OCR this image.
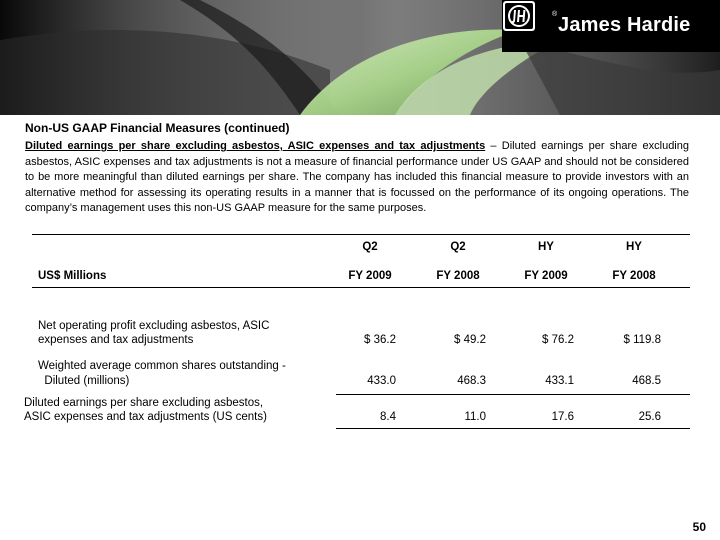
® James Hardie
Non-US GAAP Financial Measures (continued)
Diluted earnings per share excluding asbestos, ASIC expenses and tax adjustments – Diluted earnings per share excluding asbestos, ASIC expenses and tax adjustments is not a measure of financial performance under US GAAP and should not be considered to be more meaningful than diluted earnings per share. The company has included this financial measure to provide investors with an alternative method for assessing its operating results in a manner that is focussed on the performance of its ongoing operations. The company’s management uses this non-US GAAP measure for the same purposes.
Q2	Q2	HY	HY
US$ Millions	FY 2009	FY 2008	FY 2009	FY 2008
Net operating profit excluding asbestos, ASIC
expenses and tax adjustments	$ 36.2	$ 49.2	$ 76.2	$ 119.8
Weighted average common shares outstanding -
Diluted (millions)	433.0	468.3	433.1	468.5
Diluted earnings per share excluding asbestos,
ASIC expenses and tax adjustments (US cents)	8.4	11.0	17.6	25.6
50
